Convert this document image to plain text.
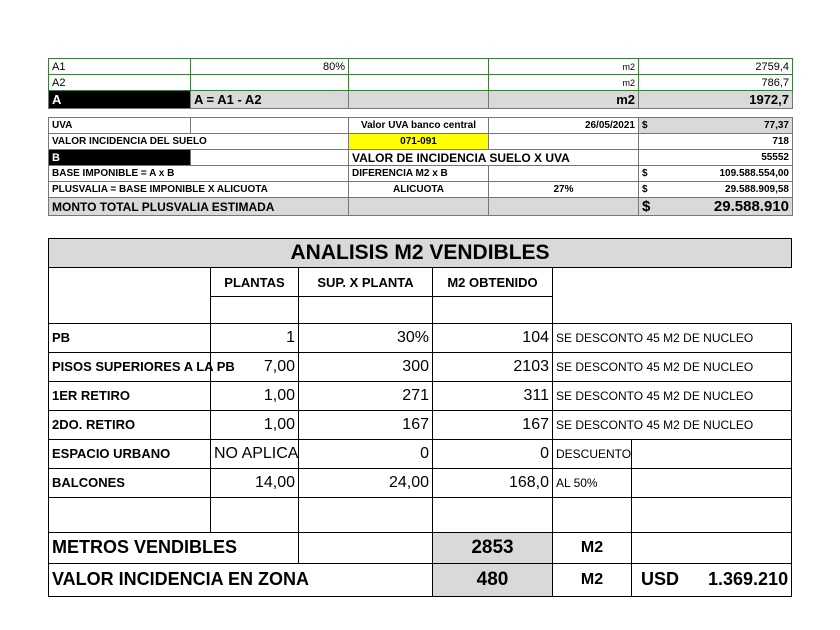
A1	80%		m2	2759,4
A2			m2	786,7
A	A = A1 - A2		m2	1972,7

UVA		Valor UVA banco central	26/05/2021	$ 77,37

VALOR INCIDENCIA DEL SUELO		071-091		718
B		VALOR DE INCIDENCIA SUELO X UVA		55552
BASE IMPONIBLE = A x B		DIFERENCIA M2 x B		$ 109.588.554,00

PLUSVALIA = BASE IMPONIBLE X ALICUOTA		ALICUOTA	27%	$ 29.588.909,58

MONTO TOTAL PLUSVALIA ESTIMADA				$ 29.588.910
ANALISIS M2 VENDIBLES					
	PLANTAS	SUP. X PLANTA	M2 OBTENIDO		

PB	1	30%	104	SE DESCONTO 45 M2 DE NUCLEO	
PISOS SUPERIORES A LA PB	7,00	300	2103	SE DESCONTO 45 M2 DE NUCLEO	
1ER RETIRO	1,00	271	311	SE DESCONTO 45 M2 DE NUCLEO	
2DO. RETIRO	1,00	167	167	SE DESCONTO 45 M2 DE NUCLEO	
ESPACIO URBANO	NO APLICA	0	0	DESCUENTO	
BALCONES	14,00	24,00	168,0	AL 50%	

METROS VENDIBLES			2853	M2	
VALOR INCIDENCIA EN ZONA			480	M2	USD 1.369.210
